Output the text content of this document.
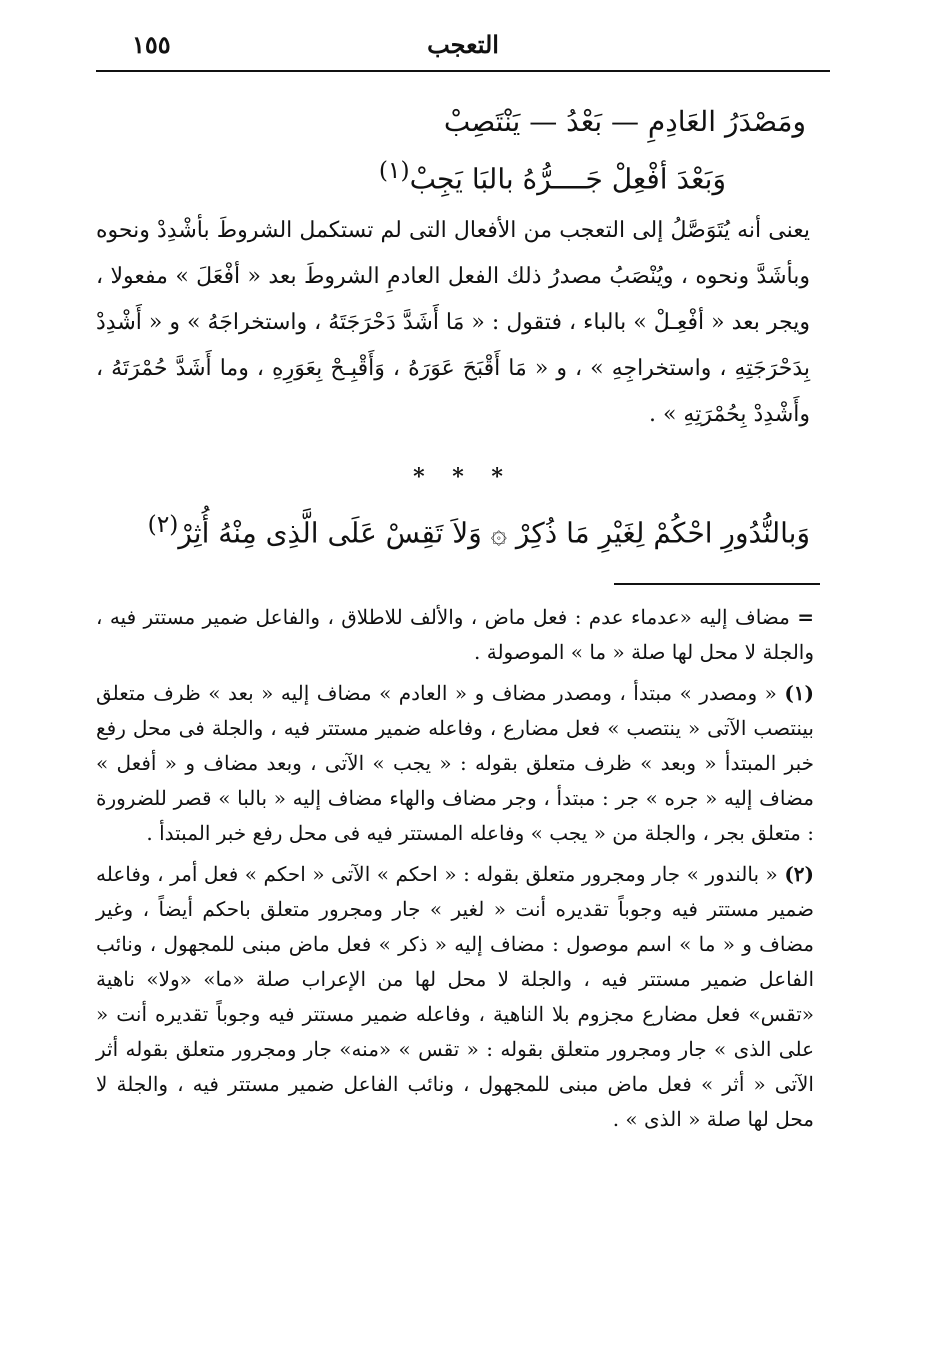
١٥٥	التعجب
ومَصْدَرُ العَادِمِ — بَعْدُ — يَنْتَصِبْ
وَبَعْدَ أفْعِلْ جَــــرُّهُ بالبَا يَجِبْ$^{(١)}$

يعنى أنه يُتَوَصَّلُ إلى التعجب من الأفعال التى لم تستكمل الشروطَ بأشْدِدْ ونحوه وبأشَدَّ ونحوه ، ويُنْصَبُ مصدرُ ذلك الفعل العادمِ الشروطَ بعد « أفْعَلَ » مفعولا ، ويجر بعد « أفْعِـلْ » بالباء ، فتقول : « مَا أَشَدَّ دَحْرَجَتَهُ ، واستخراجَهُ » و « أَشْدِدْ بِدَحْرَجَتِهِ ، واستخراجِهِ » ، و « مَا أَقْبَحَ عَوَرَهُ ، وَأَقْبِـحْ بِعَوَرِهِ ، وما أَشَدَّ حُمْرَتَهُ ، وأَشْدِدْ بِحُمْرَتِهِ » .

* * *
وَبالنُّدُورِ احْكُمْ لِغَيْرِ مَا ذُكِرْ ۞ وَلاَ تَقِسْ عَلَى الَّذِى مِنْهُ أُثِرْ$^{(٢)}$

= مضاف إليه «عدماء عدم : فعل ماض ، والألف للاطلاق ، والفاعل ضمير مستتر فيه ، والجلة لا محل لها صلة « ما » الموصولة .

(١) « ومصدر » مبتدأ ، ومصدر مضاف و « العادم » مضاف إليه « بعد » ظرف متعلق بينتصب الآتى « ينتصب » فعل مضارع ، وفاعله ضمير مستتر فيه ، والجلة فى محل رفع خبر المبتدأ « وبعد » ظرف متعلق بقوله : « يجب » الآتى ، وبعد مضاف و « أفعل » مضاف إليه « جره » جر : مبتدأ ، وجر مضاف والهاء مضاف إليه « بالبا » قصر للضرورة : متعلق بجر ، والجلة من « يجب » وفاعله المستتر فيه فى محل رفع خبر المبتدأ .

(٢) « بالندور » جار ومجرور متعلق بقوله : « احكم » الآتى « احكم » فعل أمر ، وفاعله ضمير مستتر فيه وجوباً تقديره أنت « لغير » جار ومجرور متعلق باحكم أيضاً ، وغير مضاف و « ما » اسم موصول : مضاف إليه « ذكر » فعل ماض مبنى للمجهول ، ونائب الفاعل ضمير مستتر فيه ، والجلة لا محل لها من الإعراب صلة «ما» «ولا» ناهية «تقس» فعل مضارع مجزوم بلا الناهية ، وفاعله ضمير مستتر فيه وجوباً تقديره أنت « على الذى » جار ومجرور متعلق بقوله : « تقس » «منه» جار ومجرور متعلق بقوله أثر الآتى « أثر » فعل ماض مبنى للمجهول ، ونائب الفاعل ضمير مستتر فيه ، والجلة لا محل لها صلة « الذى » .
